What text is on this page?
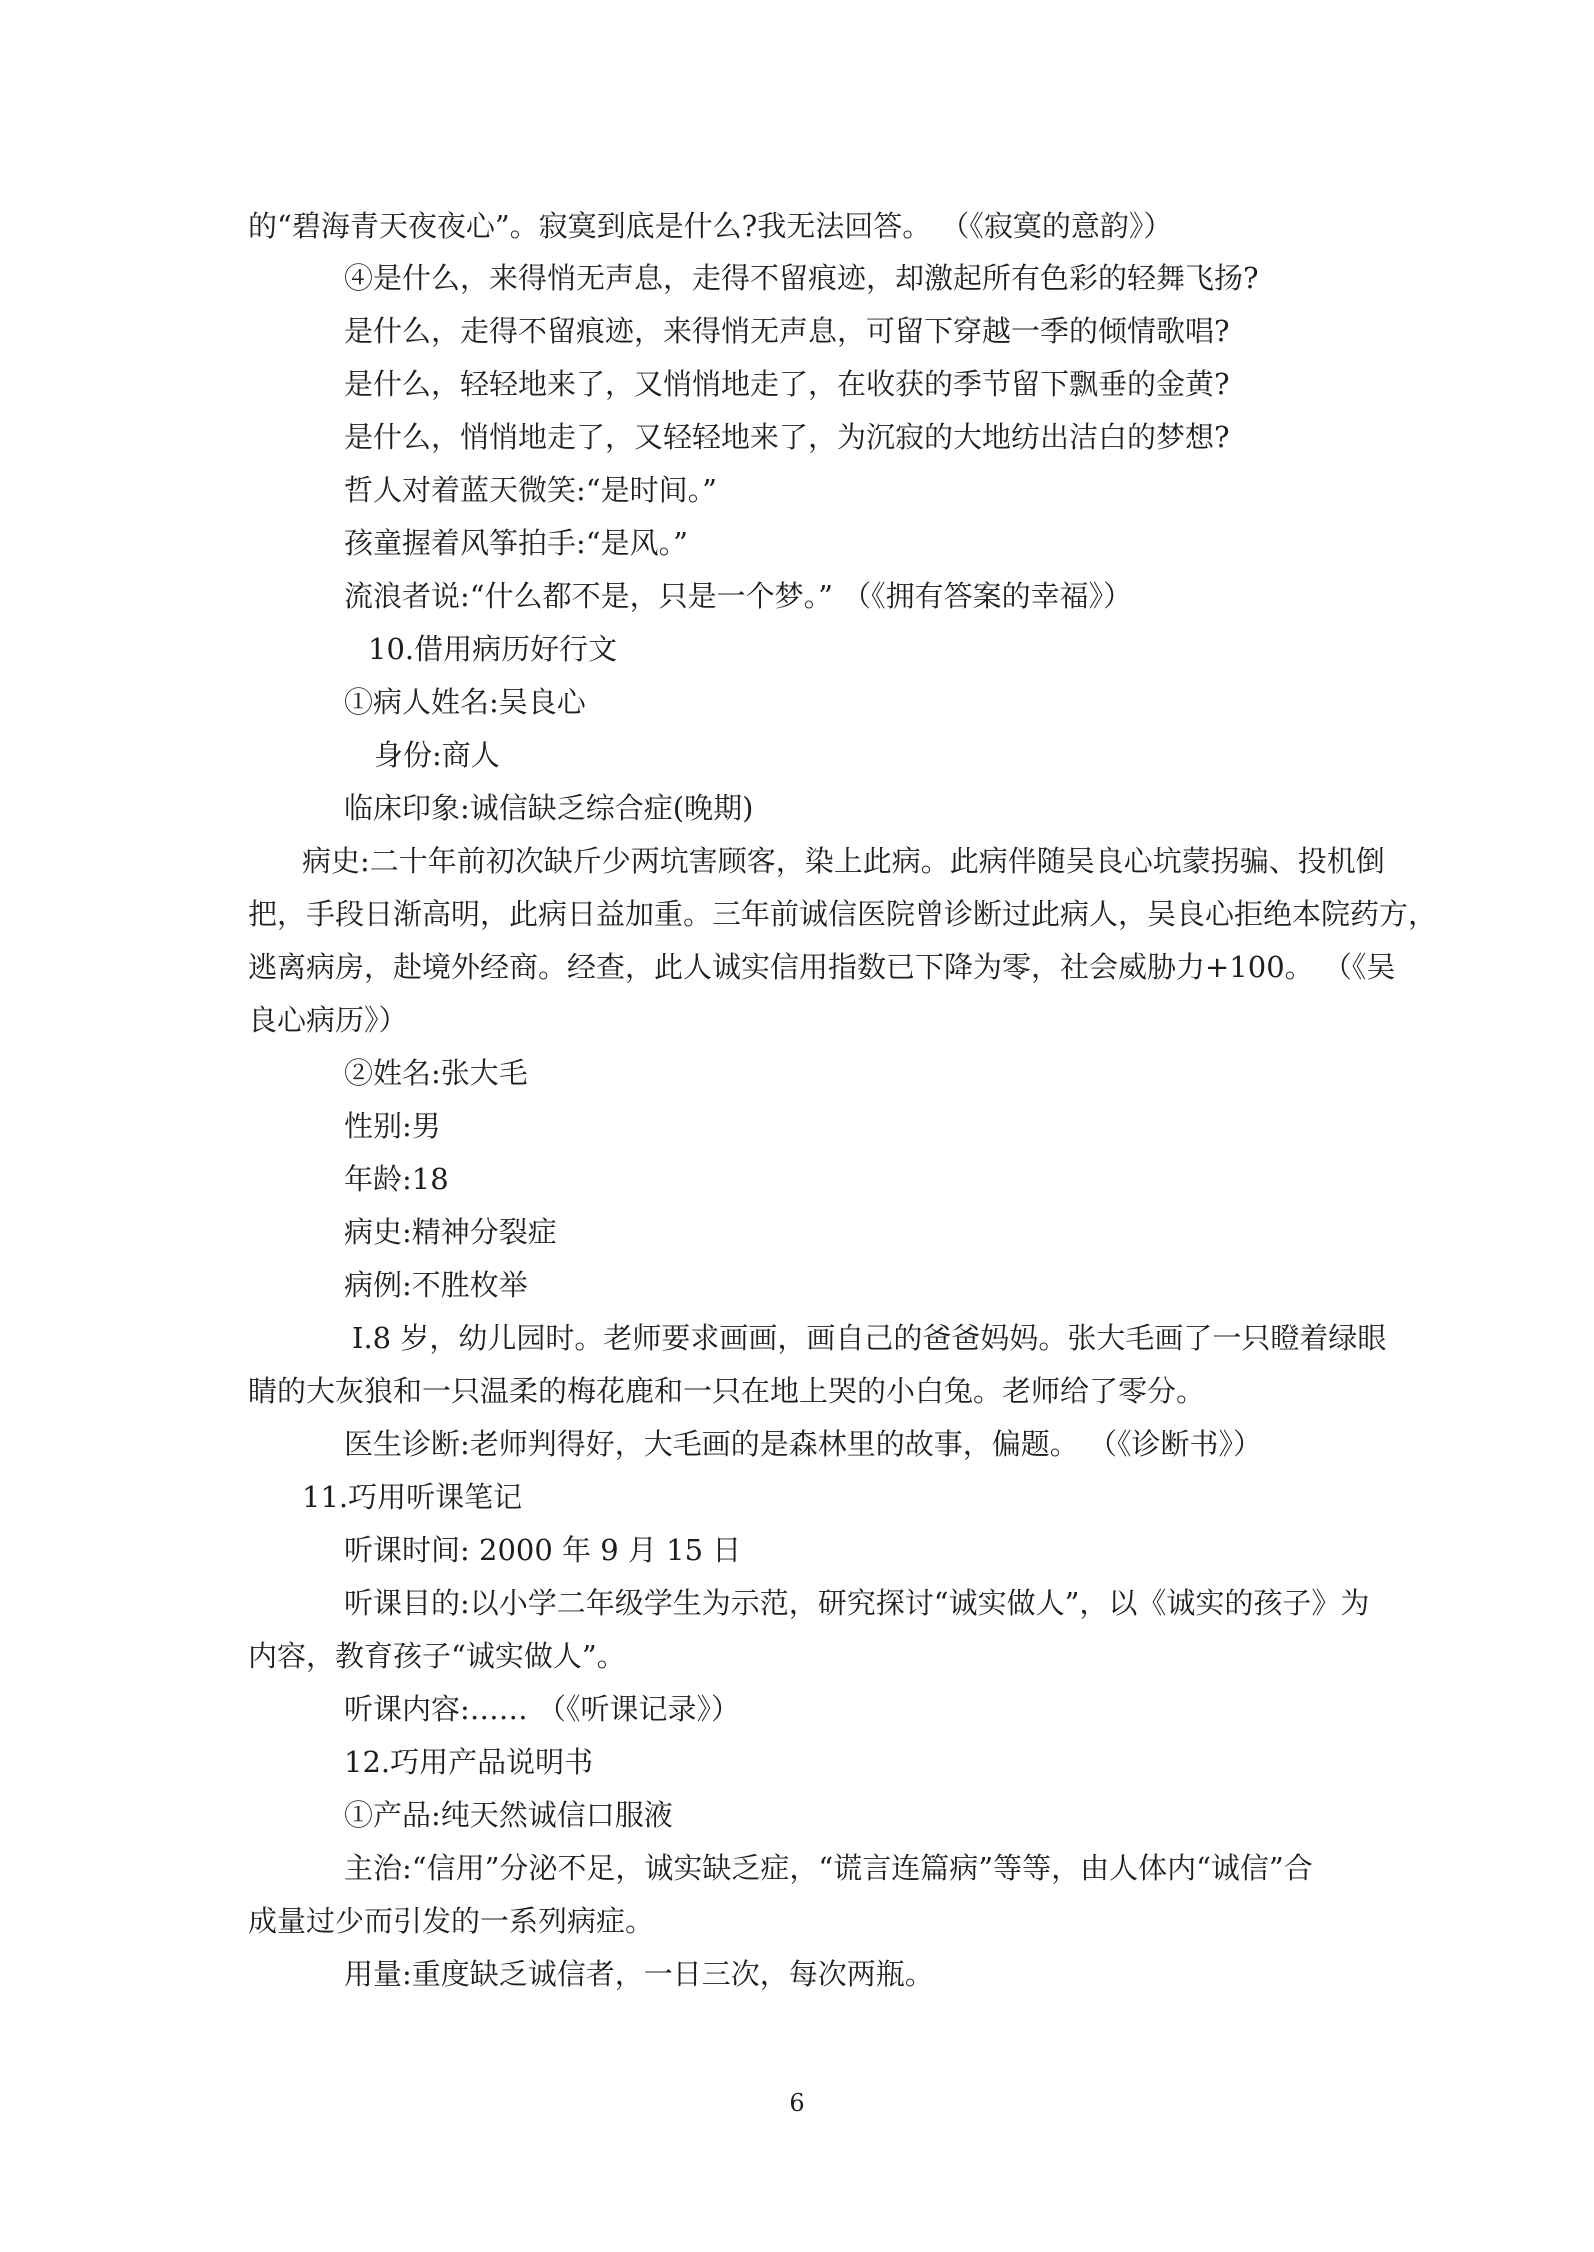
的“碧海青天夜夜心”。寂寞到底是什么?我无法回答。 （《寂寞的意韵》）
④是什么，来得悄无声息，走得不留痕迹，却激起所有色彩的轻舞飞扬?
是什么，走得不留痕迹，来得悄无声息，可留下穿越一季的倾情歌唱?
是什么，轻轻地来了，又悄悄地走了，在收获的季节留下飘垂的金黄?
是什么，悄悄地走了，又轻轻地来了，为沉寂的大地纺出洁白的梦想?
哲人对着蓝天微笑:“是时间。”
孩童握着风筝拍手:“是风。”
流浪者说:“什么都不是，只是一个梦。” （《拥有答案的幸福》）
10.借用病历好行文
①病人姓名:吴良心
身份:商人
临床印象:诚信缺乏综合症(晚期)
病史:二十年前初次缺斤少两坑害顾客，染上此病。此病伴随吴良心坑蒙拐骗、投机倒
把，手段日渐高明，此病日益加重。三年前诚信医院曾诊断过此病人，吴良心拒绝本院药方，
逃离病房，赴境外经商。经查，此人诚实信用指数已下降为零，社会威胁力+100。 （《吴
良心病历》）
②姓名:张大毛
性别:男
年龄:18
病史:精神分裂症
病例:不胜枚举
Ⅰ.8 岁，幼儿园时。老师要求画画，画自己的爸爸妈妈。张大毛画了一只瞪着绿眼
睛的大灰狼和一只温柔的梅花鹿和一只在地上哭的小白兔。老师给了零分。
医生诊断:老师判得好，大毛画的是森林里的故事，偏题。 （《诊断书》）
11.巧用听课笔记
听课时间: 2000 年 9 月 15 日
听课目的:以小学二年级学生为示范，研究探讨“诚实做人”，以《诚实的孩子》为
内容，教育孩子“诚实做人”。
听课内容:…… （《听课记录》）
12.巧用产品说明书
①产品:纯天然诚信口服液
主治:“信用”分泌不足，诚实缺乏症，“谎言连篇病”等等，由人体内“诚信”合
成量过少而引发的一系列病症。
用量:重度缺乏诚信者，一日三次，每次两瓶。
6
